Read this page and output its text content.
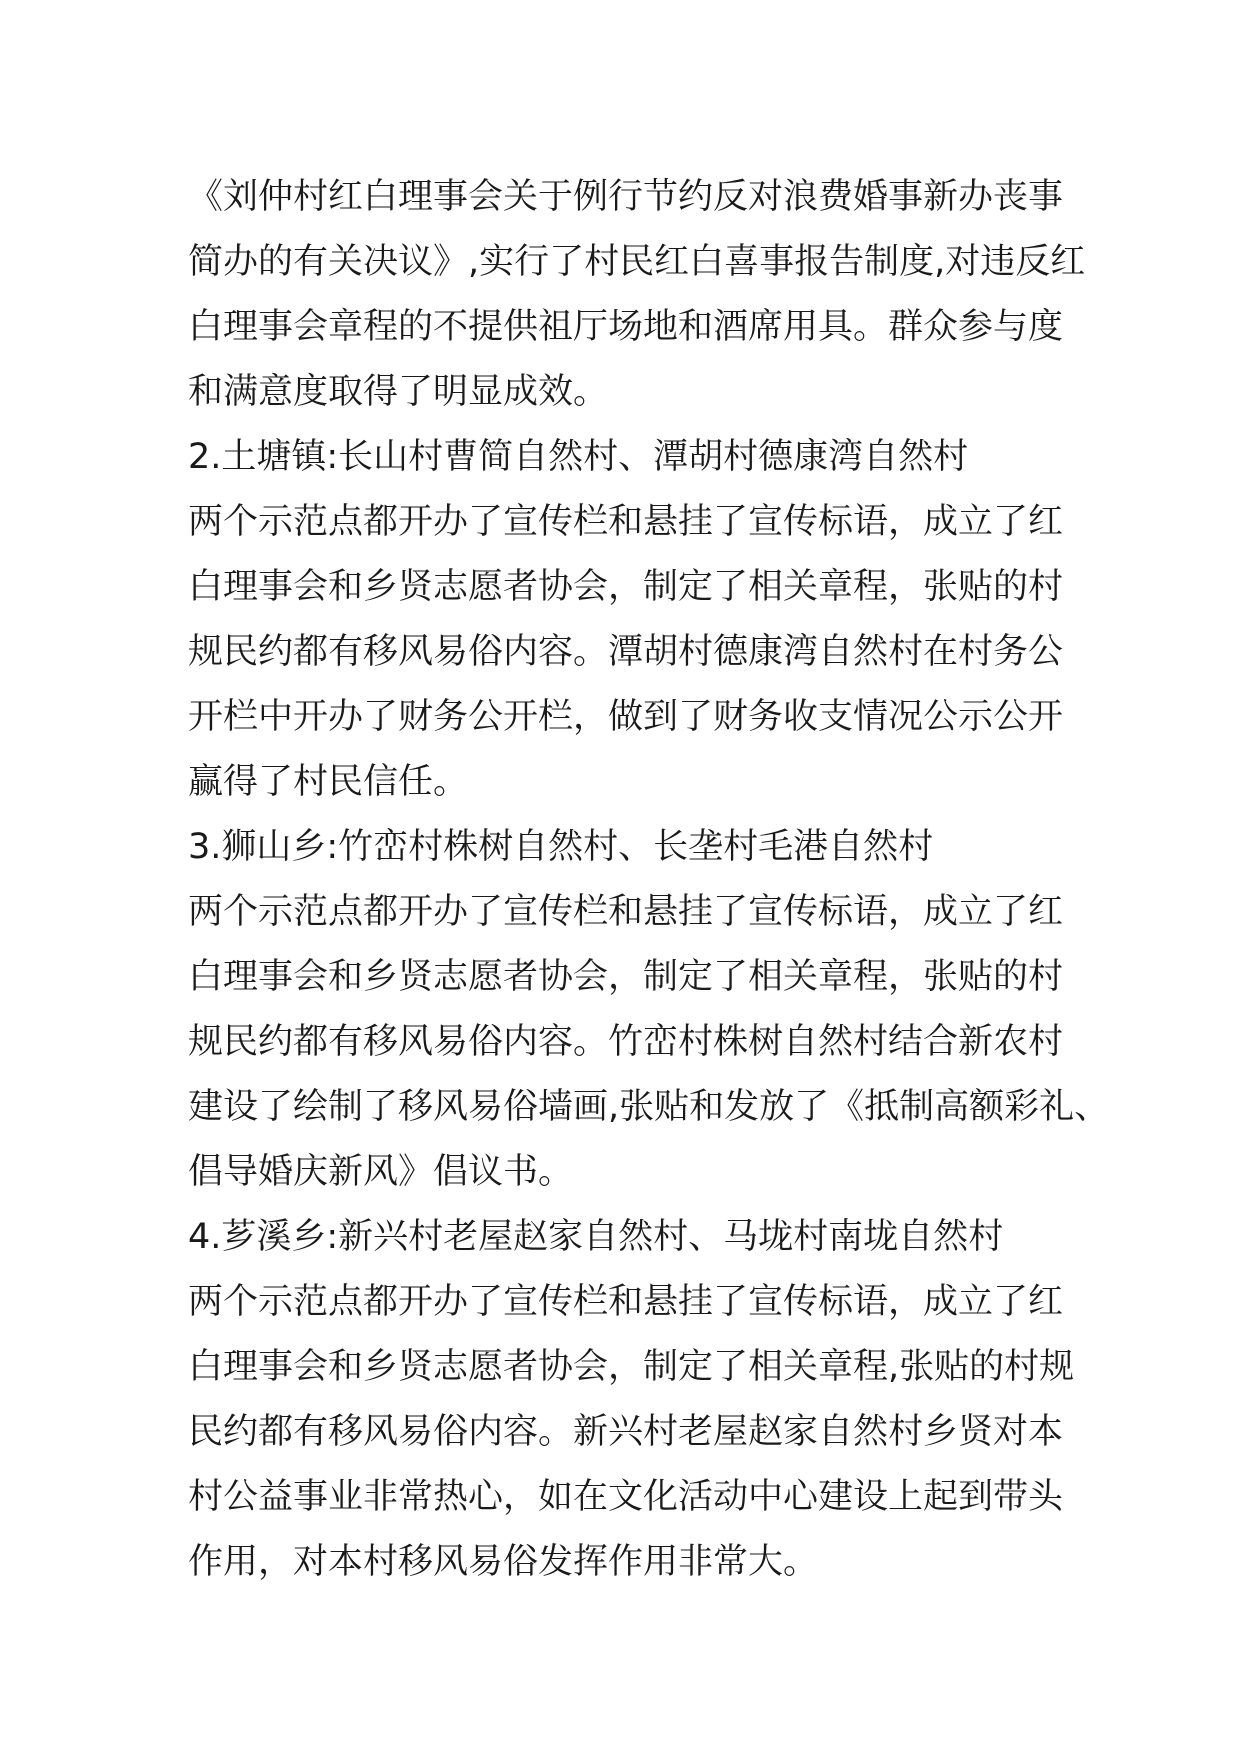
《刘仲村红白理事会关于例行节约反对浪费婚事新办丧事
简办的有关决议》,实行了村民红白喜事报告制度,对违反红
白理事会章程的不提供祖厅场地和酒席用具。群众参与度
和满意度取得了明显成效。
2.土塘镇:长山村曹简自然村、潭胡村德康湾自然村
两个示范点都开办了宣传栏和悬挂了宣传标语，成立了红
白理事会和乡贤志愿者协会，制定了相关章程，张贴的村
规民约都有移风易俗内容。潭胡村德康湾自然村在村务公
开栏中开办了财务公开栏，做到了财务收支情况公示公开
赢得了村民信任。
3.狮山乡:竹峦村株树自然村、长垄村毛港自然村
两个示范点都开办了宣传栏和悬挂了宣传标语，成立了红
白理事会和乡贤志愿者协会，制定了相关章程，张贴的村
规民约都有移风易俗内容。竹峦村株树自然村结合新农村
建设了绘制了移风易俗墙画,张贴和发放了《抵制高额彩礼、
倡导婚庆新风》倡议书。
4.芗溪乡:新兴村老屋赵家自然村、马垅村南垅自然村
两个示范点都开办了宣传栏和悬挂了宣传标语，成立了红
白理事会和乡贤志愿者协会，制定了相关章程,张贴的村规
民约都有移风易俗内容。新兴村老屋赵家自然村乡贤对本
村公益事业非常热心，如在文化活动中心建设上起到带头
作用，对本村移风易俗发挥作用非常大。
